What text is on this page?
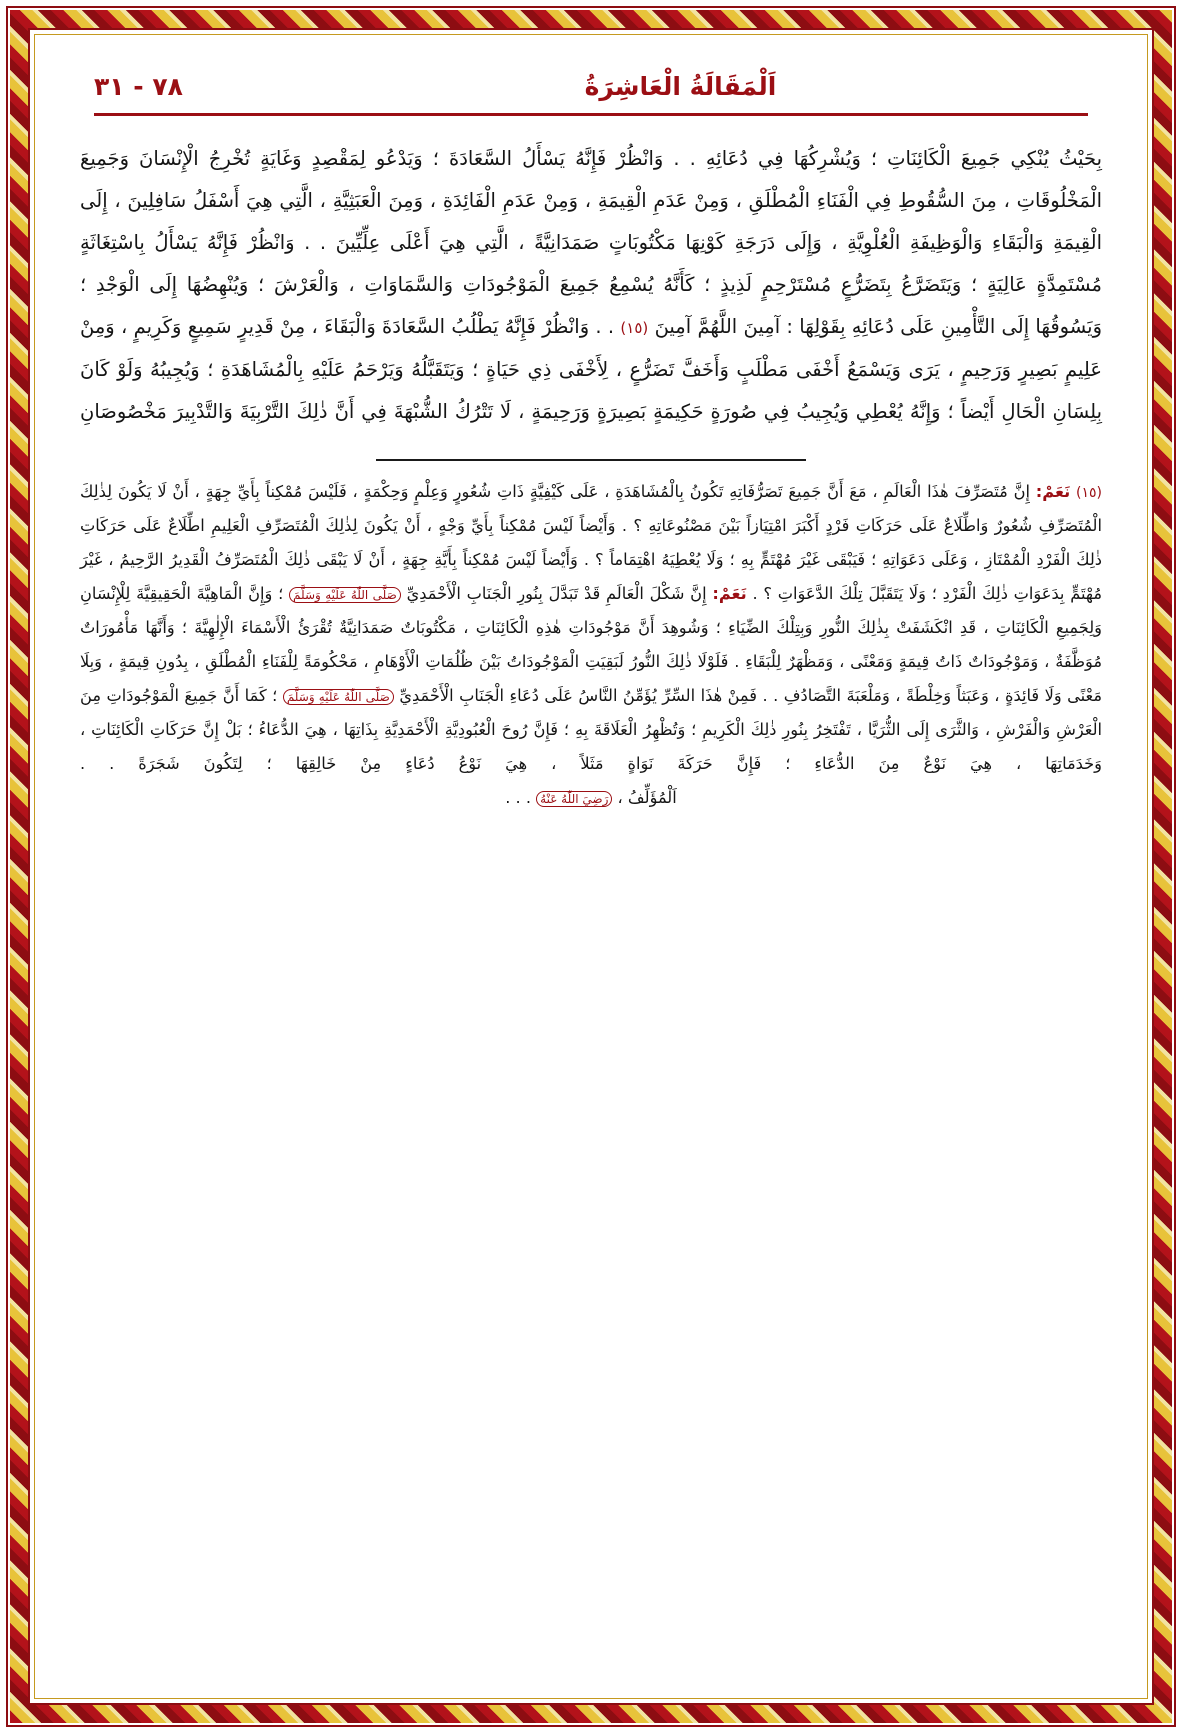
٧٨ - ٣١	اَلْمَقَالَةُ الْعَاشِرَةُ

بِحَيْثُ يُنْكِي جَمِيعَ الْكَائِنَاتِ ؛ وَيُشْرِكُهَا فِي دُعَائِهِ . . وَانْظُرْ فَإِنَّهُ يَسْأَلُ السَّعَادَةَ ؛ وَيَدْعُو لِمَقْصِدٍ وَغَايَةٍ تُخْرِجُ الْإِنْسَانَ وَجَمِيعَ الْمَخْلُوقَاتِ ، مِنَ السُّقُوطِ فِي الْفَنَاءِ الْمُطْلَقِ ، وَمِنْ عَدَمِ الْقِيمَةِ ، وَمِنْ عَدَمِ الْفَائِدَةِ ، وَمِنَ الْعَبَثِيَّةِ ، الَّتِي هِيَ أَسْفَلُ سَافِلِينَ ، إِلَى الْقِيمَةِ وَالْبَقَاءِ وَالْوَظِيفَةِ الْعُلْوِيَّةِ ، وَإِلَى دَرَجَةِ كَوْنِهَا مَكْتُوبَاتٍ صَمَدَانِيَّةً ، الَّتِي هِيَ أَعْلَى عِلِّيِّينَ . . وَانْظُرْ فَإِنَّهُ يَسْأَلُ بِاسْتِغَاثَةٍ مُسْتَمِدَّةٍ عَالِيَةٍ ؛ وَيَتَضَرَّعُ بِتَضَرُّعٍ مُسْتَرْحِمٍ لَذِيذٍ ؛ كَأَنَّهُ يُسْمِعُ جَمِيعَ الْمَوْجُودَاتِ وَالسَّمَاوَاتِ ، وَالْعَرْشَ ؛ وَيُنْهِضُهَا إِلَى الْوَجْدِ ؛ وَيَسُوقُهَا إِلَى التَّأْمِينِ عَلَى دُعَائِهِ بِقَوْلِهَا : آمِينَ اللَّهُمَّ آمِينَ (١٥) . . وَانْظُرْ فَإِنَّهُ يَطْلُبُ السَّعَادَةَ وَالْبَقَاءَ ، مِنْ قَدِيرٍ سَمِيعٍ وَكَرِيمٍ ، وَمِنْ عَلِيمٍ بَصِيرٍ وَرَحِيمٍ ، يَرَى وَيَسْمَعُ أَخْفَى مَطْلَبٍ وَأَخَفَّ تَضَرُّعٍ ، لِأَخْفَى ذِي حَيَاةٍ ؛ وَيَتَقَبَّلُهُ وَيَرْحَمُ عَلَيْهِ بِالْمُشَاهَدَةِ ؛ وَيُجِيبُهُ وَلَوْ كَانَ بِلِسَانِ الْحَالِ أَيْضاً ؛ وَإِنَّهُ يُعْطِي وَيُجِيبُ فِي صُورَةٍ حَكِيمَةٍ بَصِيرَةٍ وَرَحِيمَةٍ ، لَا تَتْرُكُ الشُّبْهَةَ فِي أَنَّ ذٰلِكَ التَّرْبِيَةَ وَالتَّدْبِيرَ مَخْصُوصَانِ

(١٥) نَعَمْ: إِنَّ مُتَصَرِّفَ هٰذَا الْعَالَمِ ، مَعَ أَنَّ جَمِيعَ تَصَرُّفَاتِهِ تَكُونُ بِالْمُشَاهَدَةِ ، عَلَى كَيْفِيَّةٍ ذَاتِ شُعُورٍ وَعِلْمٍ وَحِكْمَةٍ ، فَلَيْسَ مُمْكِناً بِأَيِّ جِهَةٍ ، أَنْ لَا يَكُونَ لِذٰلِكَ الْمُتَصَرِّفِ شُعُورٌ وَاطِّلَاعٌ عَلَى حَرَكَاتِ فَرْدٍ أَكْبَرَ امْتِيَازاً بَيْنَ مَصْنُوعَاتِهِ ؟ . وَأَيْضاً لَيْسَ مُمْكِناً بِأَيِّ وَجْهٍ ، أَنْ يَكُونَ لِذٰلِكَ الْمُتَصَرِّفِ الْعَلِيمِ اطِّلَاعٌ عَلَى حَرَكَاتِ ذٰلِكَ الْفَرْدِ الْمُمْتَازِ ، وَعَلَى دَعَوَاتِهِ ؛ فَيَبْقَى غَيْرَ مُهْتَمٍّ بِهِ ؛ وَلَا يُعْطِيَهُ اهْتِمَاماً ؟ . وَأَيْضاً لَيْسَ مُمْكِناً بِأَيَّةِ جِهَةٍ ، أَنْ لَا يَبْقَى ذٰلِكَ الْمُتَصَرِّفُ الْقَدِيرُ الرَّحِيمُ ، غَيْرَ مُهْتَمٍّ بِدَعَوَاتِ ذٰلِكَ الْفَرْدِ ؛ وَلَا يَتَقَبَّلَ تِلْكَ الدَّعَوَاتِ ؟ . نَعَمْ: إِنَّ شَكْلَ الْعَالَمِ قَدْ تَبَدَّلَ بِنُورِ الْجَنَابِ الْأَحْمَدِيِّ صَلَّى اللّٰهُ عَلَيْهِ وَسَلَّمَ ؛ وَإِنَّ الْمَاهِيَّةَ الْحَقِيقِيَّةَ لِلْإِنْسَانِ وَلِجَمِيعِ الْكَائِنَاتِ ، قَدِ انْكَشَفَتْ بِذٰلِكَ النُّورِ وَبِتِلْكَ الضِّيَاءِ ؛ وَشُوهِدَ أَنَّ مَوْجُودَاتِ هٰذِهِ الْكَائِنَاتِ ، مَكْتُوبَاتٌ صَمَدَانِيَّةٌ تُقْرَىُٔ الْأَسْمَاءَ الْإِلٰهِيَّةَ ؛ وَأَنَّهَا مَأْمُورَاتٌ مُوَظَّفَةٌ ، وَمَوْجُودَاتٌ ذَاتُ قِيمَةٍ وَمَعْنًى ، وَمَظْهَرٌ لِلْبَقَاءِ . فَلَوْلَا ذٰلِكَ النُّورُ لَبَقِيَتِ الْمَوْجُودَاتُ بَيْنَ ظُلُمَاتِ الْأَوْهَامِ ، مَحْكُومَةً لِلْفَنَاءِ الْمُطْلَقِ ، بِدُونِ قِيمَةٍ ، وَبِلَا مَعْنًى وَلَا فَائِدَةٍ ، وَعَبَثاً وَخِلْطَةً ، وَمَلْعَبَةَ التَّصَادُفِ . . فَمِنْ هٰذَا السِّرِّ يُؤَمِّنُ النَّاسُ عَلَى دُعَاءِ الْجَنَابِ الْأَحْمَدِيِّ صَلَّى اللّٰهُ عَلَيْهِ وَسَلَّمَ ؛ كَمَا أَنَّ جَمِيعَ الْمَوْجُودَاتِ مِنَ الْعَرْشِ وَالْفَرْشِ ، وَالثَّرَى إِلَى الثُّرَيَّا ، تَفْتَخِرُ بِنُورِ ذٰلِكَ الْكَرِيمِ ؛ وَتُظْهِرُ الْعَلَاقَةَ بِهِ ؛ فَإِنَّ رُوحَ الْعُبُودِيَّةِ الْأَحْمَدِيَّةِ بِذَاتِهَا ، هِيَ الدُّعَاءُ ؛ بَلْ إِنَّ حَرَكَاتِ الْكَائِنَاتِ ، وَخَدَمَاتِهَا ، هِيَ نَوْعٌ مِنَ الدُّعَاءِ ؛ فَإِنَّ حَرَكَةَ نَوَاةٍ مَثَلاً ، هِيَ نَوْعُ دُعَاءٍ مِنْ خَالِقِهَا ؛ لِتَكُونَ شَجَرَةً . .

اَلْمُؤَلِّفُ ، رَضِيَ اللّٰهُ عَنْهُ . . .
